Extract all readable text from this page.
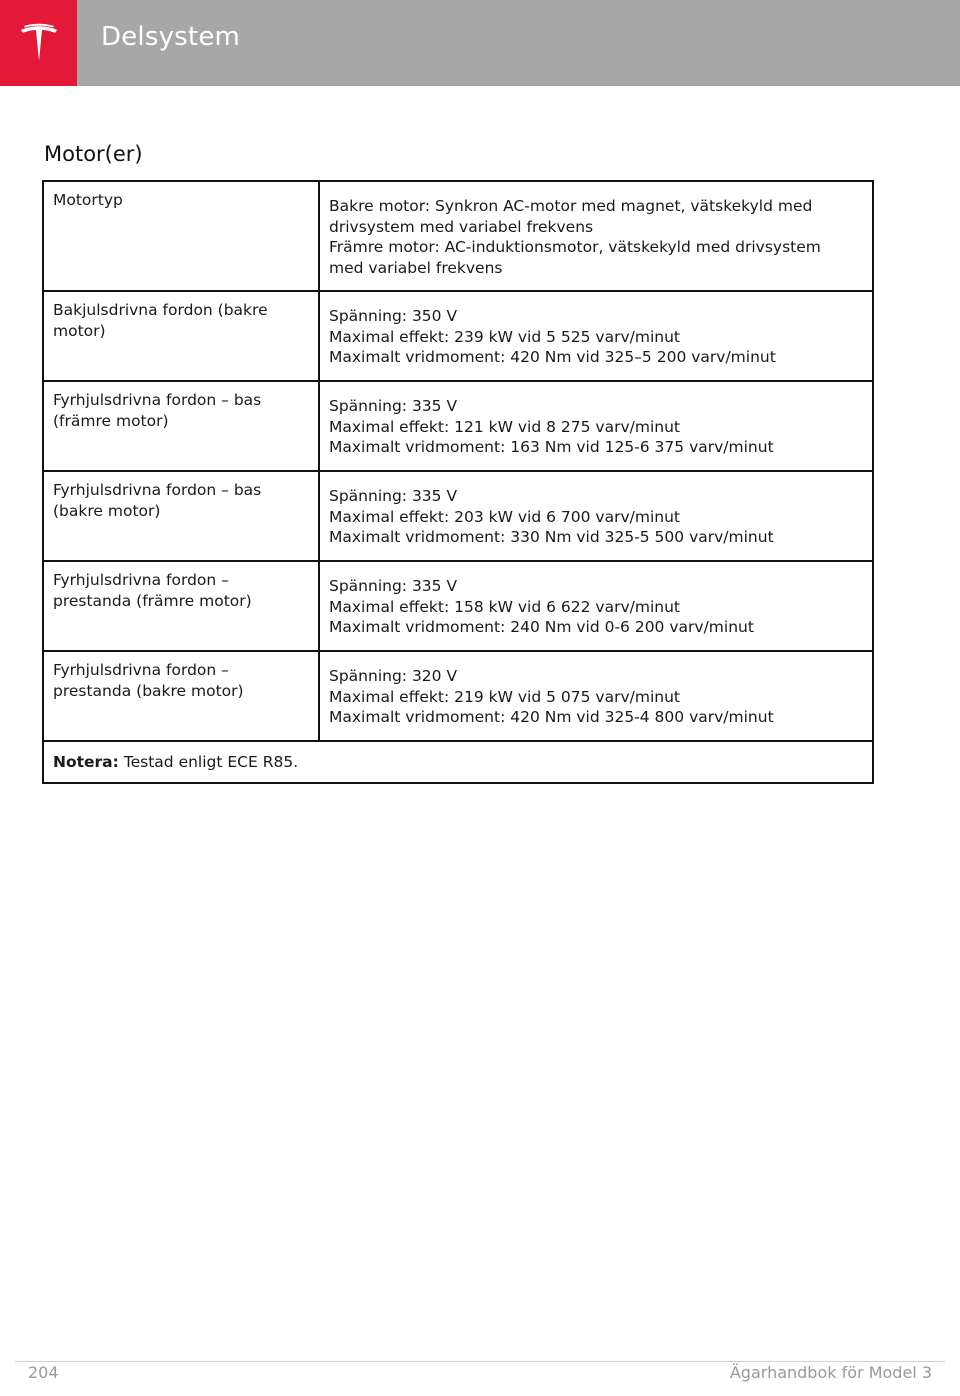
Delsystem
Motor(er)
Motortyp	Bakre motor: Synkron AC-motor med magnet, vätskekyld med
drivsystem med variabel frekvens
Främre motor: AC-induktionsmotor, vätskekyld med drivsystem
med variabel frekvens

Bakjulsdrivna fordon (bakre motor)	Spänning: 350 V
Maximal effekt: 239 kW vid 5 525 varv/minut
Maximalt vridmoment: 420 Nm vid 325–5 200 varv/minut

Fyrhjulsdrivna fordon – bas (främre motor)	Spänning: 335 V
Maximal effekt: 121 kW vid 8 275 varv/minut
Maximalt vridmoment: 163 Nm vid 125-6 375 varv/minut

Fyrhjulsdrivna fordon – bas (bakre motor)	Spänning: 335 V
Maximal effekt: 203 kW vid 6 700 varv/minut
Maximalt vridmoment: 330 Nm vid 325-5 500 varv/minut

Fyrhjulsdrivna fordon – prestanda (främre motor)	Spänning: 335 V
Maximal effekt: 158 kW vid 6 622 varv/minut
Maximalt vridmoment: 240 Nm vid 0-6 200 varv/minut

Fyrhjulsdrivna fordon – prestanda (bakre motor)	Spänning: 320 V
Maximal effekt: 219 kW vid 5 075 varv/minut
Maximalt vridmoment: 420 Nm vid 325-4 800 varv/minut

Notera: Testad enligt ECE R85.	
204	Ägarhandbok för Model 3
